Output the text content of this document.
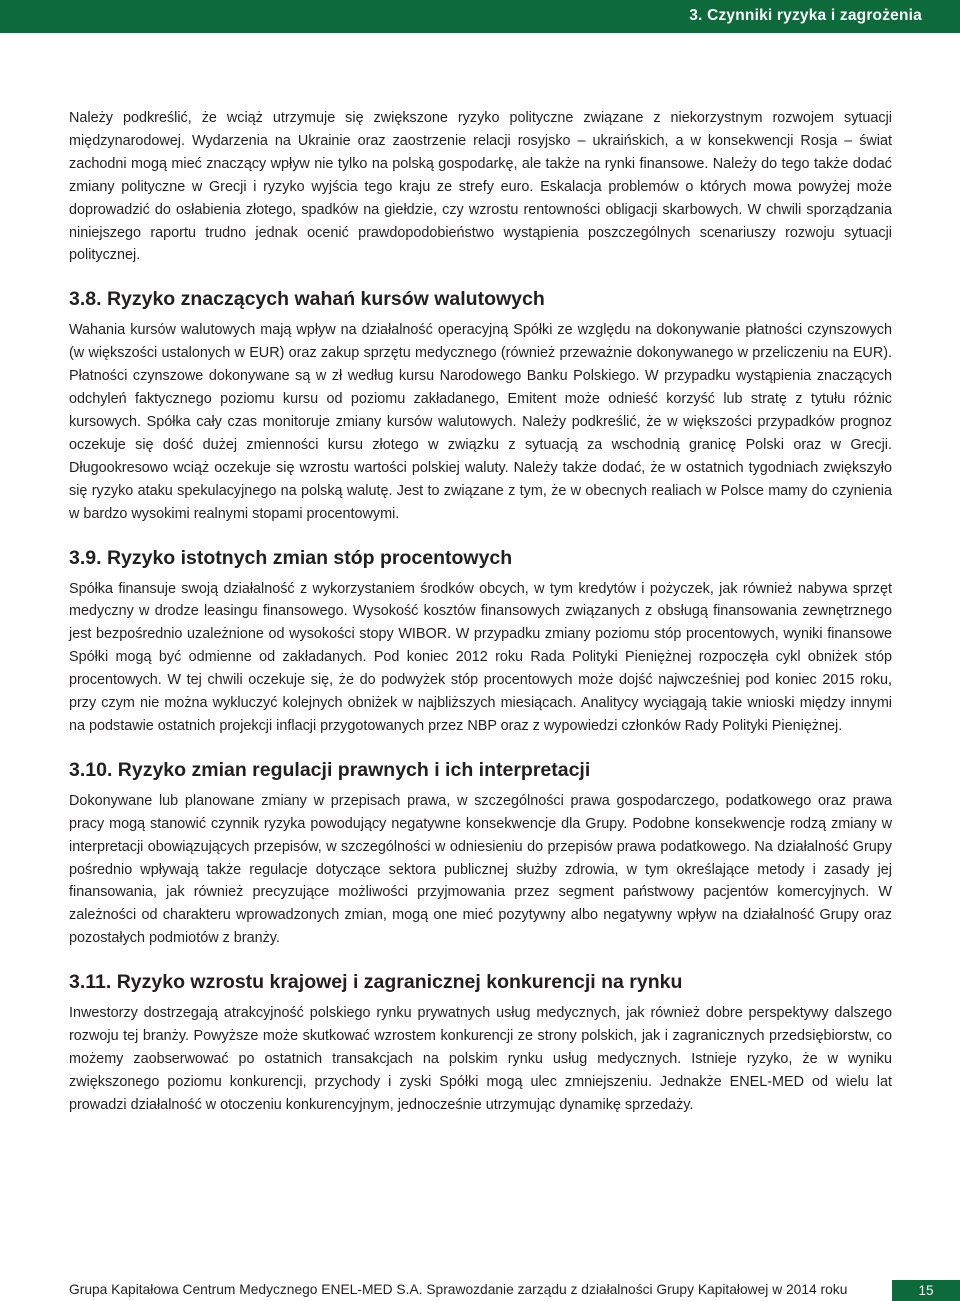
3. Czynniki ryzyka i zagrożenia

Należy podkreślić, że wciąż utrzymuje się zwiększone ryzyko polityczne związane z niekorzystnym rozwojem sytuacji międzynarodowej. Wydarzenia na Ukrainie oraz zaostrzenie relacji rosyjsko – ukraińskich, a w konsekwencji Rosja – świat zachodni mogą mieć znaczący wpływ nie tylko na polską gospodarkę, ale także na rynki finansowe. Należy do tego także dodać zmiany polityczne w Grecji i ryzyko wyjścia tego kraju ze strefy euro. Eskalacja problemów o których mowa powyżej może doprowadzić do osłabienia złotego, spadków na giełdzie, czy wzrostu rentowności obligacji skarbowych. W chwili sporządzania niniejszego raportu trudno jednak ocenić prawdopodobieństwo wystąpienia poszczególnych scenariuszy rozwoju sytuacji politycznej.

3.8. Ryzyko znaczących wahań kursów walutowych

Wahania kursów walutowych mają wpływ na działalność operacyjną Spółki ze względu na dokonywanie płatności czynszowych (w większości ustalonych w EUR) oraz zakup sprzętu medycznego (również przeważnie dokonywanego w przeliczeniu na EUR). Płatności czynszowe dokonywane są w zł według kursu Narodowego Banku Polskiego. W przypadku wystąpienia znaczących odchyleń faktycznego poziomu kursu od poziomu zakładanego, Emitent może odnieść korzyść lub stratę z tytułu różnic kursowych. Spółka cały czas monitoruje zmiany kursów walutowych. Należy podkreślić, że w większości przypadków prognoz oczekuje się dość dużej zmienności kursu złotego w związku z sytuacją za wschodnią granicę Polski oraz w Grecji. Długookresowo wciąż oczekuje się wzrostu wartości polskiej waluty. Należy także dodać, że w ostatnich tygodniach zwiększyło się ryzyko ataku spekulacyjnego na polską walutę. Jest to związane z tym, że w obecnych realiach w Polsce mamy do czynienia w bardzo wysokimi realnymi stopami procentowymi.

3.9. Ryzyko istotnych zmian stóp procentowych

Spółka finansuje swoją działalność z wykorzystaniem środków obcych, w tym kredytów i pożyczek, jak również nabywa sprzęt medyczny w drodze leasingu finansowego. Wysokość kosztów finansowych związanych z obsługą finansowania zewnętrznego jest bezpośrednio uzależnione od wysokości stopy WIBOR. W przypadku zmiany poziomu stóp procentowych, wyniki finansowe Spółki mogą być odmienne od zakładanych. Pod koniec 2012 roku Rada Polityki Pieniężnej rozpoczęła cykl obniżek stóp procentowych. W tej chwili oczekuje się, że do podwyżek stóp procentowych może dojść najwcześniej pod koniec 2015 roku, przy czym nie można wykluczyć kolejnych obniżek w najbliższych miesiącach. Analitycy wyciągają takie wnioski między innymi na podstawie ostatnich projekcji inflacji przygotowanych przez NBP oraz z wypowiedzi członków Rady Polityki Pieniężnej.

3.10. Ryzyko zmian regulacji prawnych i ich interpretacji

Dokonywane lub planowane zmiany w przepisach prawa, w szczególności prawa gospodarczego, podatkowego oraz prawa pracy mogą stanowić czynnik ryzyka powodujący negatywne konsekwencje dla Grupy. Podobne konsekwencje rodzą zmiany w interpretacji obowiązujących przepisów, w szczególności w odniesieniu do przepisów prawa podatkowego. Na działalność Grupy pośrednio wpływają także regulacje dotyczące sektora publicznej służby zdrowia, w tym określające metody i zasady jej finansowania, jak również precyzujące możliwości przyjmowania przez segment państwowy pacjentów komercyjnych. W zależności od charakteru wprowadzonych zmian, mogą one mieć pozytywny albo negatywny wpływ na działalność Grupy oraz pozostałych podmiotów z branży.

3.11. Ryzyko wzrostu krajowej i zagranicznej konkurencji na rynku

Inwestorzy dostrzegają atrakcyjność polskiego rynku prywatnych usług medycznych, jak również dobre perspektywy dalszego rozwoju tej branży. Powyższe może skutkować wzrostem konkurencji ze strony polskich, jak i zagranicznych przedsiębiorstw, co możemy zaobserwować po ostatnich transakcjach na polskim rynku usług medycznych. Istnieje ryzyko, że w wyniku zwiększonego poziomu konkurencji, przychody i zyski Spółki mogą ulec zmniejszeniu. Jednakże ENEL-MED od wielu lat prowadzi działalność w otoczeniu konkurencyjnym, jednocześnie utrzymując dynamikę sprzedaży.

Grupa Kapitałowa Centrum Medycznego ENEL-MED S.A. Sprawozdanie zarządu z działalności Grupy Kapitałowej w 2014 roku	15
